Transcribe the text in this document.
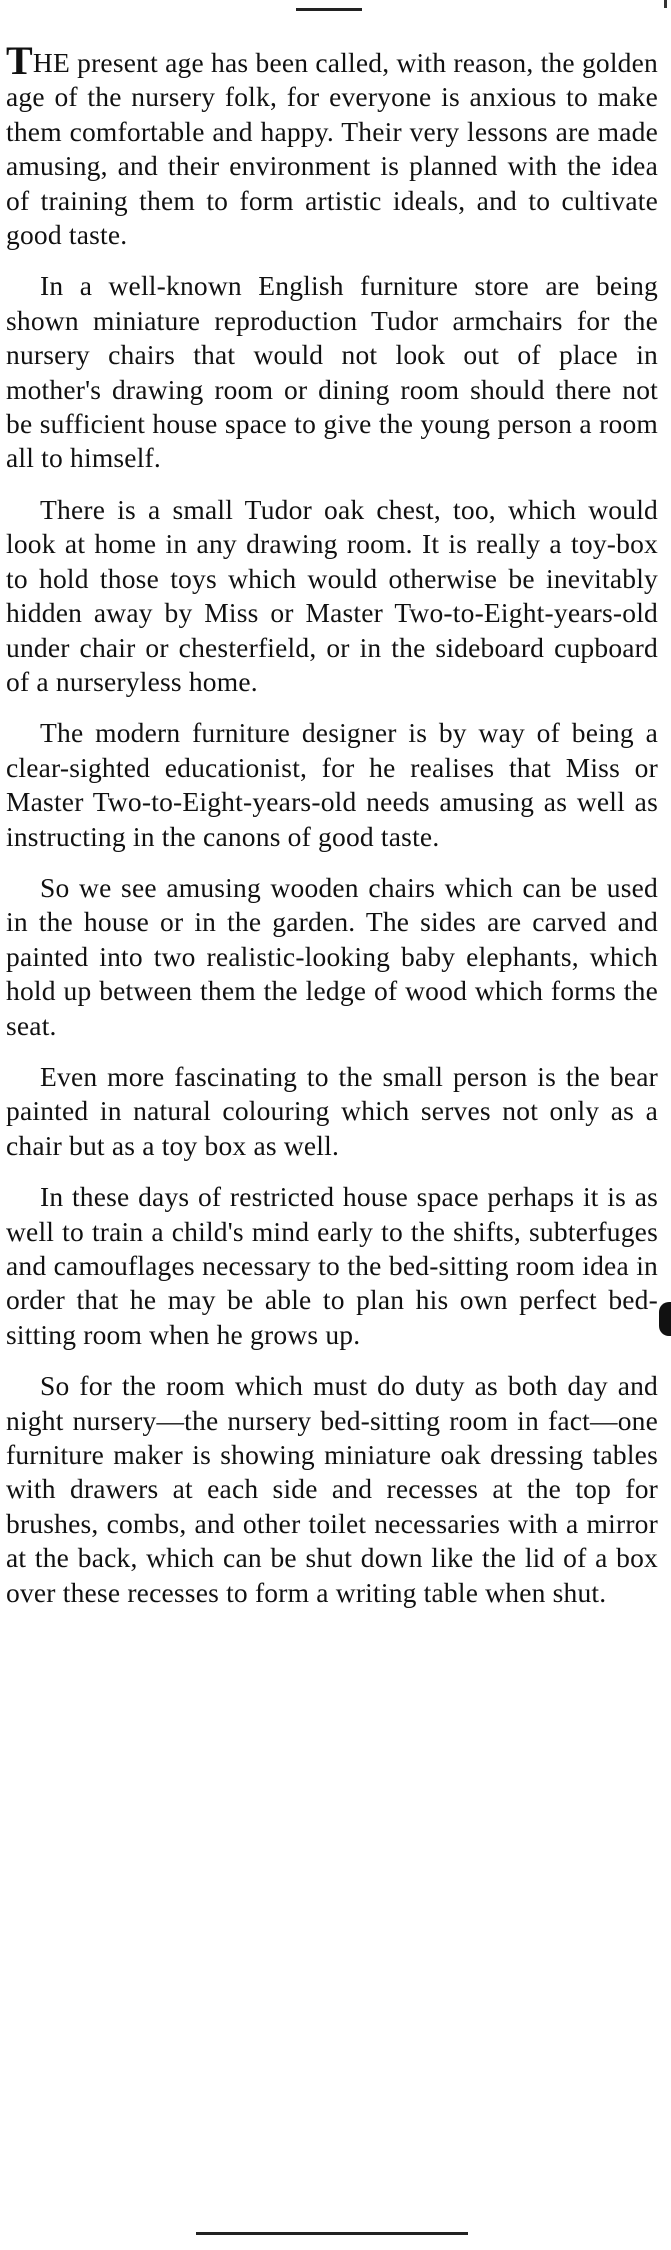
THE present age has been called, with reason, the golden age of the nursery folk, for everyone is anxious to make them comfortable and happy. Their very lessons are made amusing, and their environment is planned with the idea of training them to form artistic ideals, and to cultivate good taste.

In a well-known English furniture store are being shown miniature reproduction Tudor armchairs for the nursery chairs that would not look out of place in mother's drawing room or dining room should there not be sufficient house space to give the young person a room all to himself.

There is a small Tudor oak chest, too, which would look at home in any drawing room. It is really a toy-box to hold those toys which would otherwise be inevitably hidden away by Miss or Master Two-to-Eight-years-old under chair or chesterfield, or in the sideboard cupboard of a nurseryless home.

The modern furniture designer is by way of being a clear-sighted educationist, for he realises that Miss or Master Two-to-Eight-years-old needs amusing as well as instructing in the canons of good taste.

So we see amusing wooden chairs which can be used in the house or in the garden. The sides are carved and painted into two realistic-looking baby elephants, which hold up between them the ledge of wood which forms the seat.

Even more fascinating to the small person is the bear painted in natural colouring which serves not only as a chair but as a toy box as well.

In these days of restricted house space perhaps it is as well to train a child's mind early to the shifts, subterfuges and camouflages necessary to the bed-sitting room idea in order that he may be able to plan his own perfect bed-sitting room when he grows up.

So for the room which must do duty as both day and night nursery—the nursery bed-sitting room in fact—one furniture maker is showing miniature oak dressing tables with drawers at each side and recesses at the top for brushes, combs, and other toilet necessaries with a mirror at the back, which can be shut down like the lid of a box over these recesses to form a writing table when shut.
